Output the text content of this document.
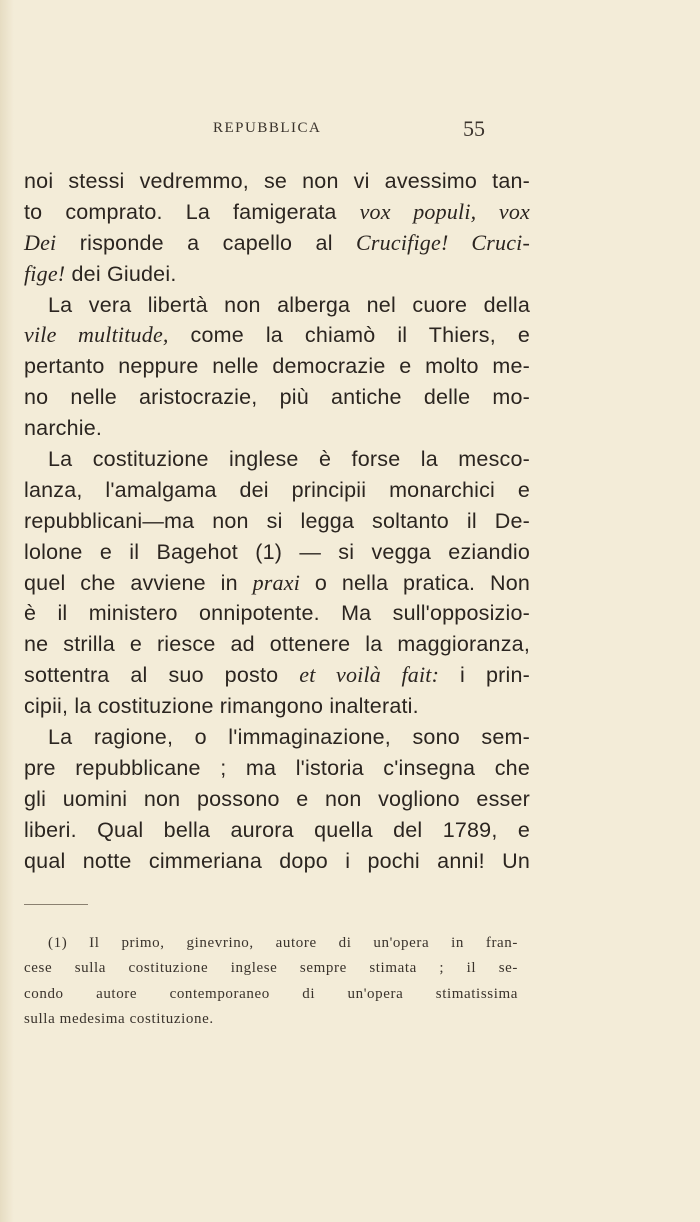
REPUBBLICA	55
noi stessi vedremmo, se non vi avessimo tan-
to comprato. La famigerata vox populi, vox
Dei risponde a capello al Crucifige! Cruci-
fige! dei Giudei.
La vera libertà non alberga nel cuore della
vile multitude, come la chiamò il Thiers, e
pertanto neppure nelle democrazie e molto me-
no nelle aristocrazie, più antiche delle mo-
narchie.
La costituzione inglese è forse la mesco-
lanza, l'amalgama dei principii monarchici e
repubblicani—ma non si legga soltanto il De-
lolone e il Bagehot (1) — si vegga eziandio
quel che avviene in praxi o nella pratica. Non
è il ministero onnipotente. Ma sull'opposizio-
ne strilla e riesce ad ottenere la maggioranza,
sottentra al suo posto et voilà fait: i prin-
cipii, la costituzione rimangono inalterati.
La ragione, o l'immaginazione, sono sem-
pre repubblicane ; ma l'istoria c'insegna che
gli uomini non possono e non vogliono esser
liberi. Qual bella aurora quella del 1789, e
qual notte cimmeriana dopo i pochi anni! Un
(1) Il primo, ginevrino, autore di un'opera in fran-
cese sulla costituzione inglese sempre stimata ; il se-
condo autore contemporaneo di un'opera stimatissima
sulla medesima costituzione.
